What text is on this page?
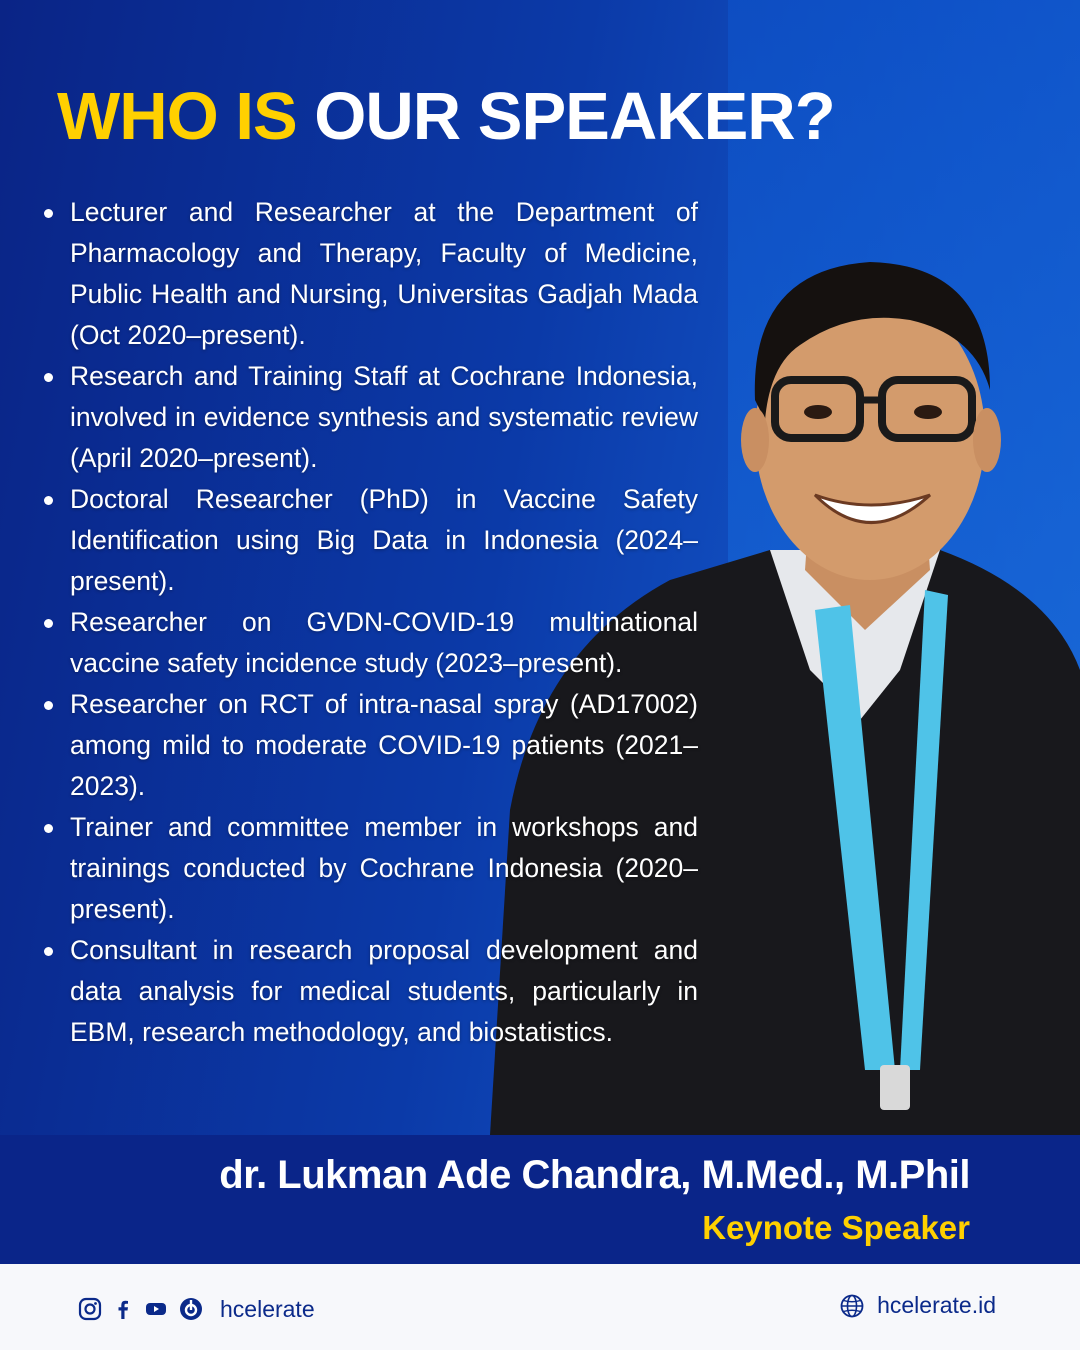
WHO IS OUR SPEAKER?
Lecturer and Researcher at the Department of Pharmacology and Therapy, Faculty of Medicine, Public Health and Nursing, Universitas Gadjah Mada (Oct 2020–present).
Research and Training Staff at Cochrane Indonesia, involved in evidence synthesis and systematic review (April 2020–present).
Doctoral Researcher (PhD) in Vaccine Safety Identification using Big Data in Indonesia (2024–present).
Researcher on GVDN-COVID-19 multinational vaccine safety incidence study (2023–present).
Researcher on RCT of intra-nasal spray (AD17002) among mild to moderate COVID-19 patients (2021–2023).
Trainer and committee member in workshops and trainings conducted by Cochrane Indonesia (2020–present).
Consultant in research proposal development and data analysis for medical students, particularly in EBM, research methodology, and biostatistics.

dr. Lukman Ade Chandra, M.Med., M.Phil

Keynote Speaker

hcelerate	hcelerate.id
